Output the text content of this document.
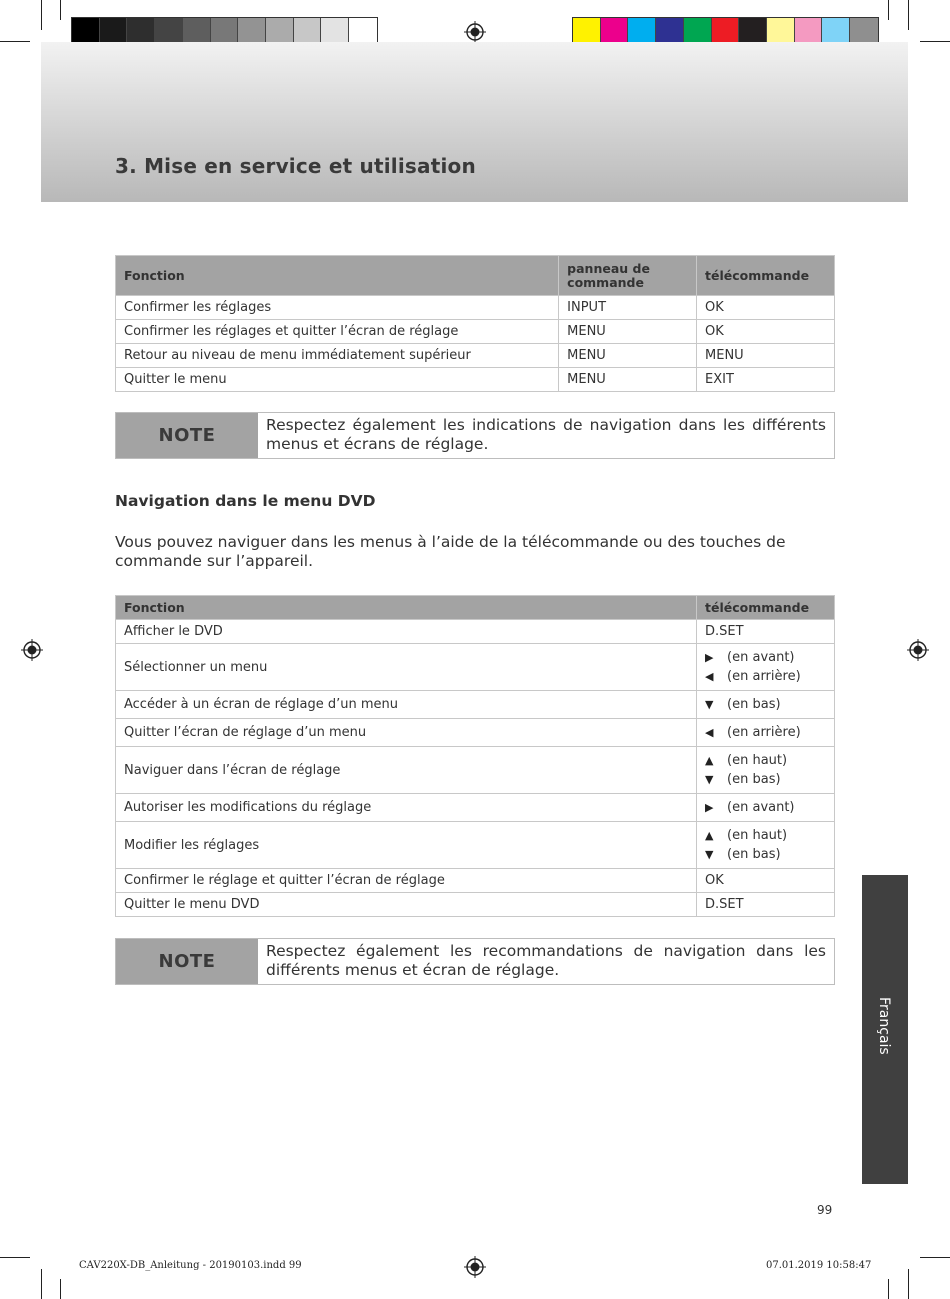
3. Mise en service et utilisation
Fonction	panneau de commande	télécommande
Confirmer les réglages	INPUT	OK
Confirmer les réglages et quitter l’écran de réglage	MENU	OK
Retour au niveau de menu immédiatement supérieur	MENU	MENU
Quitter le menu	MENU	EXIT
NOTE	Respectez également les indications de navigation dans les différents menus et écrans de réglage.
Navigation dans le menu DVD
Vous pouvez naviguer dans les menus à l’aide de la télécommande ou des touches de commande sur l’appareil.
Fonction	télécommande
Afficher le DVD	D.SET
Sélectionner un menu	▶ (en avant)
◀ (en arrière)

Accéder à un écran de réglage d’un menu	▼ (en bas)

Quitter l’écran de réglage d’un menu	◀ (en arrière)

Naviguer dans l’écran de réglage	▲ (en haut)
▼ (en bas)

Autoriser les modifications du réglage	▶ (en avant)

Modifier les réglages	▲ (en haut)
▼ (en bas)

Confirmer le réglage et quitter l’écran de réglage	OK
Quitter le menu DVD	D.SET
NOTE	Respectez également les recommandations de navigation dans les différents menus et écran de réglage.
Français
99
CAV220X-DB_Anleitung - 20190103.indd 99	07.01.2019 10:58:47
